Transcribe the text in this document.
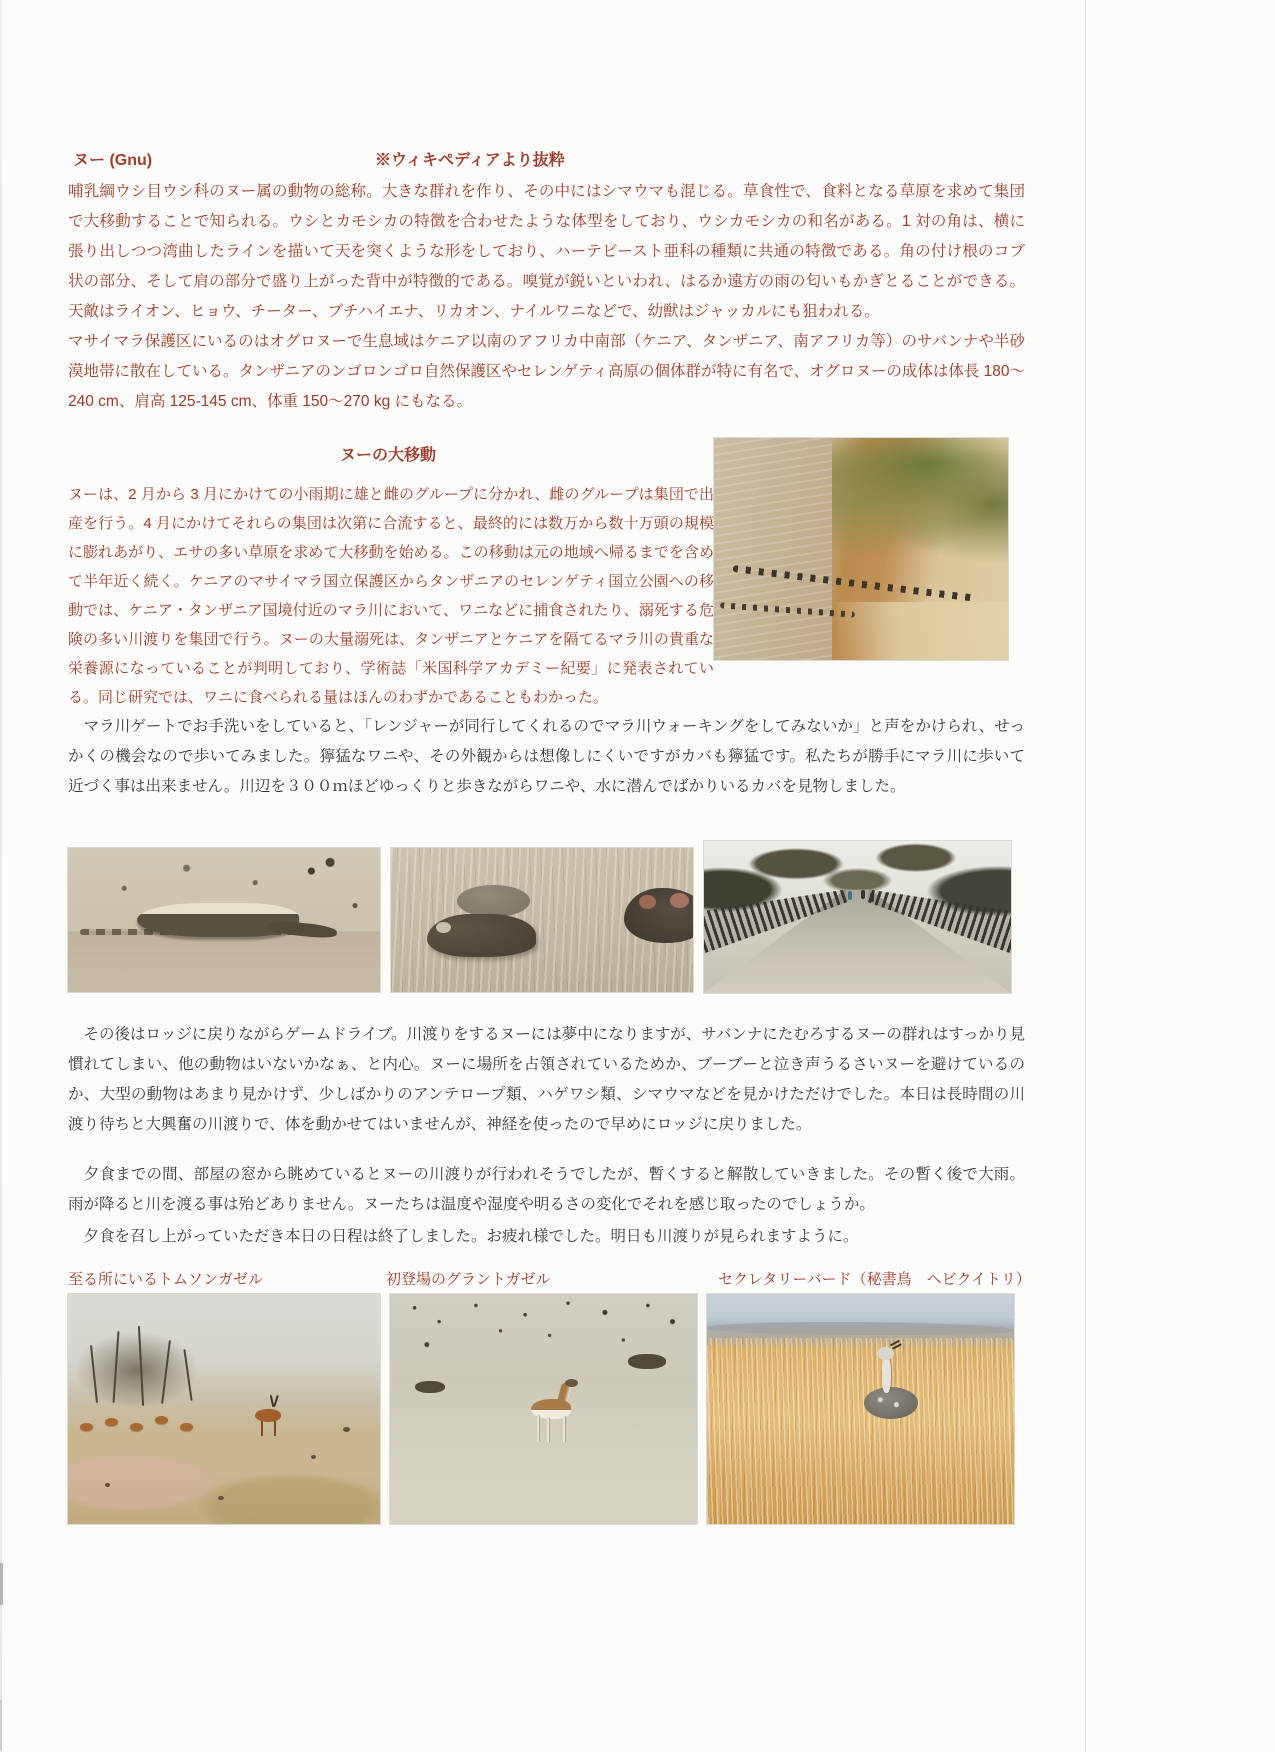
ヌー (Gnu)	※ウィキペディアより抜粋

哺乳綱ウシ目ウシ科のヌー属の動物の総称。大きな群れを作り、その中にはシマウマも混じる。草食性で、食料となる草原を求めて集団で大移動することで知られる。ウシとカモシカの特徴を合わせたような体型をしており、ウシカモシカの和名がある。1 対の角は、横に張り出しつつ湾曲したラインを描いて天を突くような形をしており、ハーテビースト亜科の種類に共通の特徴である。角の付け根のコブ状の部分、そして肩の部分で盛り上がった背中が特徴的である。嗅覚が鋭いといわれ、はるか遠方の雨の匂いもかぎとることができる。天敵はライオン、ヒョウ、チーター、ブチハイエナ、リカオン、ナイルワニなどで、幼獣はジャッカルにも狙われる。

マサイマラ保護区にいるのはオグロヌーで生息域はケニア以南のアフリカ中南部（ケニア、タンザニア、南アフリカ等）のサバンナや半砂漠地帯に散在している。タンザニアのンゴロンゴロ自然保護区やセレンゲティ高原の個体群が特に有名で、オグロヌーの成体は体長 180～240 cm、肩高 125-145 cm、体重 150～270 kg にもなる。

ヌーの大移動

ヌーは、2 月から 3 月にかけての小雨期に雄と雌のグループに分かれ、雌のグループは集団で出産を行う。4 月にかけてそれらの集団は次第に合流すると、最終的には数万から数十万頭の規模に膨れあがり、エサの多い草原を求めて大移動を始める。この移動は元の地域へ帰るまでを含めて半年近く続く。ケニアのマサイマラ国立保護区からタンザニアのセレンゲティ国立公園への移動では、ケニア・タンザニア国境付近のマラ川において、ワニなどに捕食されたり、溺死する危険の多い川渡りを集団で行う。ヌーの大量溺死は、タンザニアとケニアを隔てるマラ川の貴重な栄養源になっていることが判明しており、学術誌「米国科学アカデミー紀要」に発表されている。同じ研究では、ワニに食べられる量はほんのわずかであることもわかった。

　マラ川ゲートでお手洗いをしていると、「レンジャーが同行してくれるのでマラ川ウォーキングをしてみないか」と声をかけられ、せっかくの機会なので歩いてみました。獰猛なワニや、その外観からは想像しにくいですがカバも獰猛です。私たちが勝手にマラ川に歩いて近づく事は出来ません。川辺を３００ｍほどゆっくりと歩きながらワニや、水に潜んでばかりいるカバを見物しました。

　その後はロッジに戻りながらゲームドライブ。川渡りをするヌーには夢中になりますが、サバンナにたむろするヌーの群れはすっかり見慣れてしまい、他の動物はいないかなぁ、と内心。ヌーに場所を占領されているためか、ブーブーと泣き声うるさいヌーを避けているのか、大型の動物はあまり見かけず、少しばかりのアンテロープ類、ハゲワシ類、シマウマなどを見かけただけでした。本日は長時間の川渡り待ちと大興奮の川渡りで、体を動かせてはいませんが、神経を使ったので早めにロッジに戻りました。

　夕食までの間、部屋の窓から眺めているとヌーの川渡りが行われそうでしたが、暫くすると解散していきました。その暫く後で大雨。雨が降ると川を渡る事は殆どありません。ヌーたちは温度や湿度や明るさの変化でそれを感じ取ったのでしょうか。

　夕食を召し上がっていただき本日の日程は終了しました。お疲れ様でした。明日も川渡りが見られますように。

至る所にいるトムソンガゼル	初登場のグラントガゼル	セクレタリーバード（秘書鳥　ヘビクイトリ）
